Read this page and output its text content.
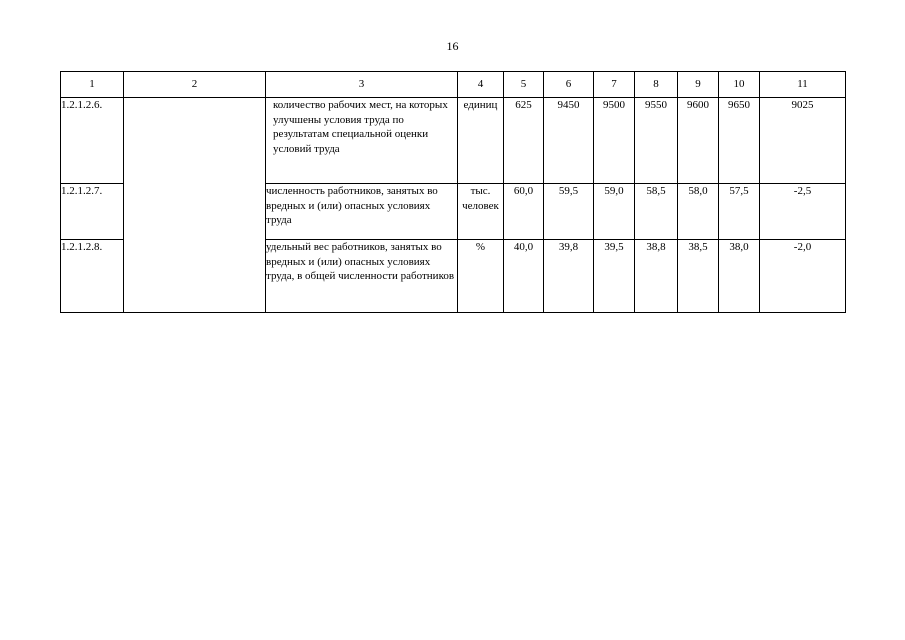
16
1	2	3	4	5	6	7	8	9	10	11
1.2.1.2.6.		количество рабочих мест, на которых улучшены условия труда по результатам специальной оценки условий труда	единиц	625	9450	9500	9550	9600	9650	9025
1.2.1.2.7.		численность работников, занятых во вредных и (или) опасных условиях труда	тыс. человек	60,0	59,5	59,0	58,5	58,0	57,5	-2,5
1.2.1.2.8.		удельный вес работников, занятых во вредных и (или) опасных условиях труда, в общей численности работников	%	40,0	39,8	39,5	38,8	38,5	38,0	-2,0
